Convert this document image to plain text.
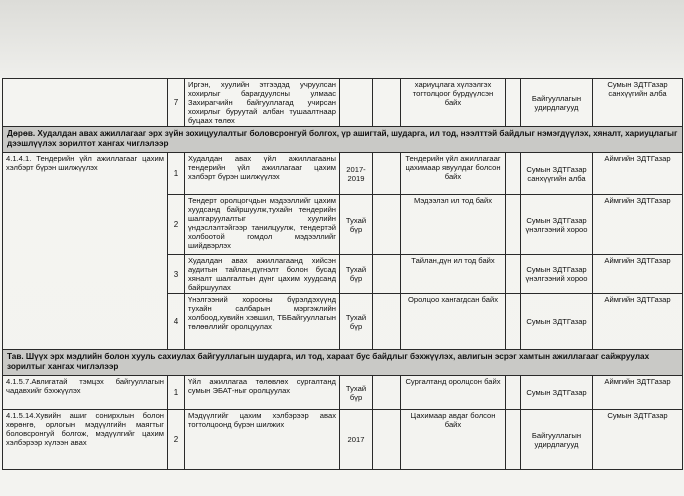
	7	Иргэн, хуулийн этгээдэд учруулсан хохирлыг барагдуулсны улмаас Захирагчийн байгууллагад учирсан хохирлыг буруутай албан тушаалтнаар буцаах төлөх			хариуцлага хүлээлгэх тогтолцоог бүрдүүлсэн байх		Байгууллагын удирдлагууд	Сумын ЗДТГазар санхүүгийн алба
Дөрөв. Худалдан авах ажиллагааг эрх зүйн зохицуулалтыг боловсронгуй болгох, үр ашигтай, шударга, ил тод, нээлттэй байдлыг нэмэгдүүлэх, хяналт, хариуцлагыг дээшлүүлэх зорилтот хангах чиглэлээр								
4.1.4.1. Тендерийн үйл ажиллагааг цахим хэлбэрт бүрэн шилжүүлэх	1	Худалдан авах үйл ажиллагааны тендерийн үйл ажиллагааг цахим хэлбэрт бүрэн шилжүүлэх	2017-2019		Тендерийн үйл ажиллагааг цахимаар явуулдаг болсон байх		Сумын ЗДТГазар санхүүгийн алба	Аймгийн ЗДТГазар
	2	Тендерт оролцогчдын мэдээллийг цахим хуудсанд байршуулж,тухайн тендерийн шалгаруулалтыг хуулийн үндэслэлтэйгээр танилцуулж, тендертэй холбоотой гомдол мэдээллийг шийдвэрлэх	Тухай бүр		Мэдээлэл ил тод байх		Сумын ЗДТГазар үнэлгээний хороо	Аймгийн ЗДТГазар
	3	Худалдан авах ажиллагаанд хийсэн аудитын тайлан,дүгнэлт болон бусад хяналт шалгалтын дүнг цахим хуудсанд байршуулах	Тухай бүр		Тайлан,дүн ил тод байх		Сумын ЗДТГазар үнэлгээний хороо	Аймгийн ЗДТГазар
	4	Үнэлгээний хорооны бүрэлдэхүүнд тухайн салбарын мэргэжлийн холбоод,хувийн хэвшил, ТББайгууллагын төлөөллийг оролцуулах	Тухай бүр		Оролцоо хангагдсан байх		Сумын ЗДТГазар	Аймгийн ЗДТГазар
Тав. Шүүх эрх мэдлийн болон хууль сахиулах байгууллагын шударга, ил тод, хараат бус байдлыг бэхжүүлэх, авлигын эсрэг хамтын ажиллагааг сайжруулах зорилтыг хангах чиглэлээр								
4.1.5.7.Авлигатай тэмцэх байгууллагын чадавхийг бэхжүүлэх	1	Үйл ажиллагаа төлөвлөх сургалтанд сумын ЭБАТ-ныг оролцуулах	Тухай бүр		Сургалтанд оролцсон байх		Сумын ЗДТГазар	Аймгийн ЗДТГазар
4.1.5.14.Хувийн ашиг сонирхлын болон хөрөнгө, орлогын мэдүүлгийн маягтыг боловсронгуй болгож, мэдүүлгийг цахим хэлбэрээр хүлээн авах	2	Мэдүүлгийг цахим хэлбэрээр авах тогтолцоонд бүрэн шилжих	2017		Цахимаар авдаг болсон байх		Байгууллагын удирдлагууд	Сумын ЗДТГазар
